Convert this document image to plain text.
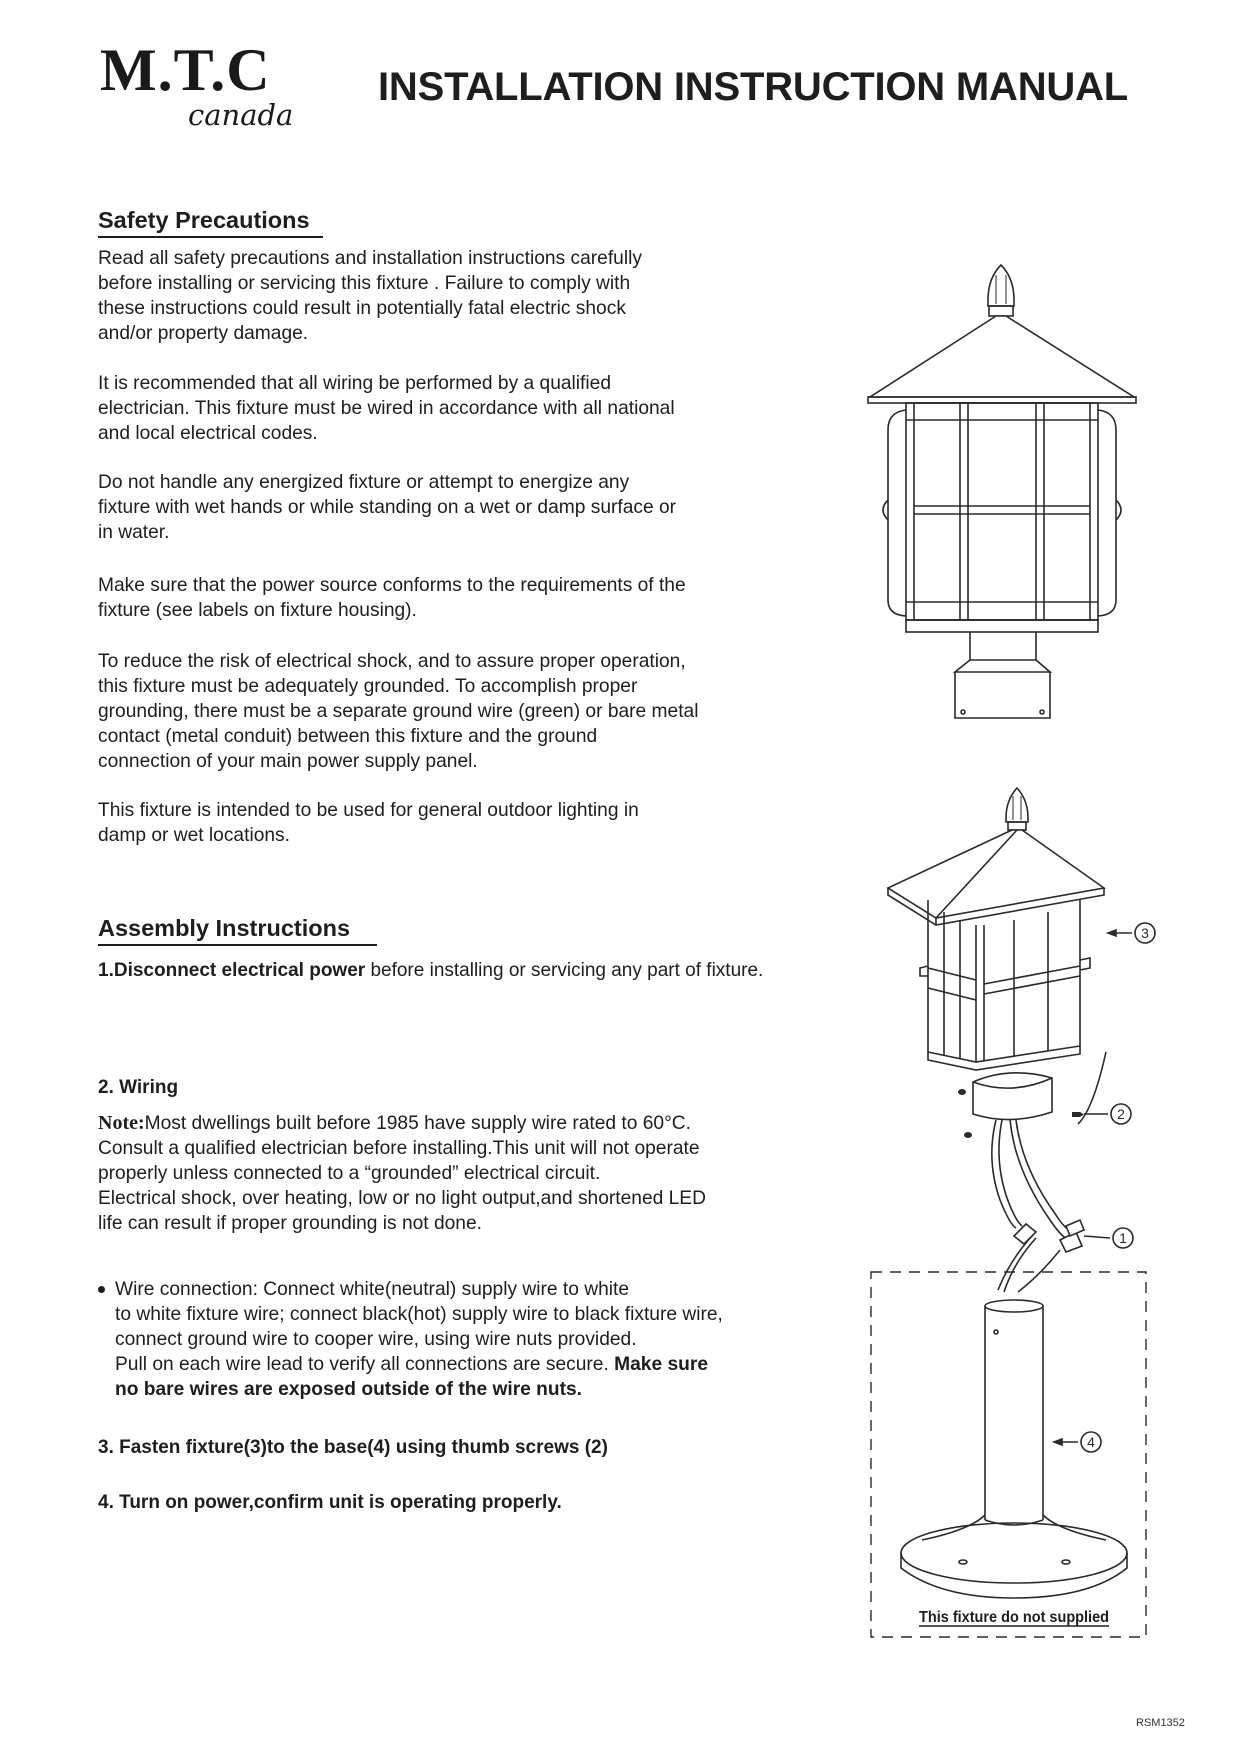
M.T.C
canada
INSTALLATION INSTRUCTION MANUAL
Safety Precautions
Read all safety precautions and installation instructions carefully
before installing or servicing this fixture . Failure to comply with
these instructions could result in potentially fatal electric shock
and/or property damage.
It is recommended that all wiring be performed by a qualified
electrician. This fixture must be wired in accordance with all national
and local electrical codes.
Do not handle any energized fixture or attempt to energize any
fixture with wet hands or while standing on a wet or damp surface or
in water.
Make sure that the power source conforms to the requirements of the
fixture (see labels on fixture housing).
To reduce the risk of electrical shock, and to assure proper operation,
this fixture must be adequately grounded. To accomplish proper
grounding, there must be a separate ground wire (green) or bare metal
contact (metal conduit) between this fixture and the ground
connection of your main power supply panel.
This fixture is intended to be used for general outdoor lighting in
damp or wet locations.
Assembly Instructions
1.Disconnect electrical power before installing or servicing any part of fixture.
2. Wiring
Note:Most dwellings built before 1985 have supply wire rated to 60°C.
Consult a qualified electrician before installing.This unit will not operate
properly unless connected to a “grounded” electrical circuit.
Electrical shock, over heating, low or no light output,and shortened LED
life can result if proper grounding is not done.
Wire connection: Connect white(neutral) supply wire to white
to white fixture wire; connect black(hot) supply wire to black fixture wire,
connect ground wire to cooper wire, using wire nuts provided.
Pull on each wire lead to verify all connections are secure. Make sure
no bare wires are exposed outside of the wire nuts.
3. Fasten fixture(3)to the base(4) using thumb screws (2)
4. Turn on power,confirm unit is operating properly.
RSM1352
3
2
1
4
This fixture do not supplied
